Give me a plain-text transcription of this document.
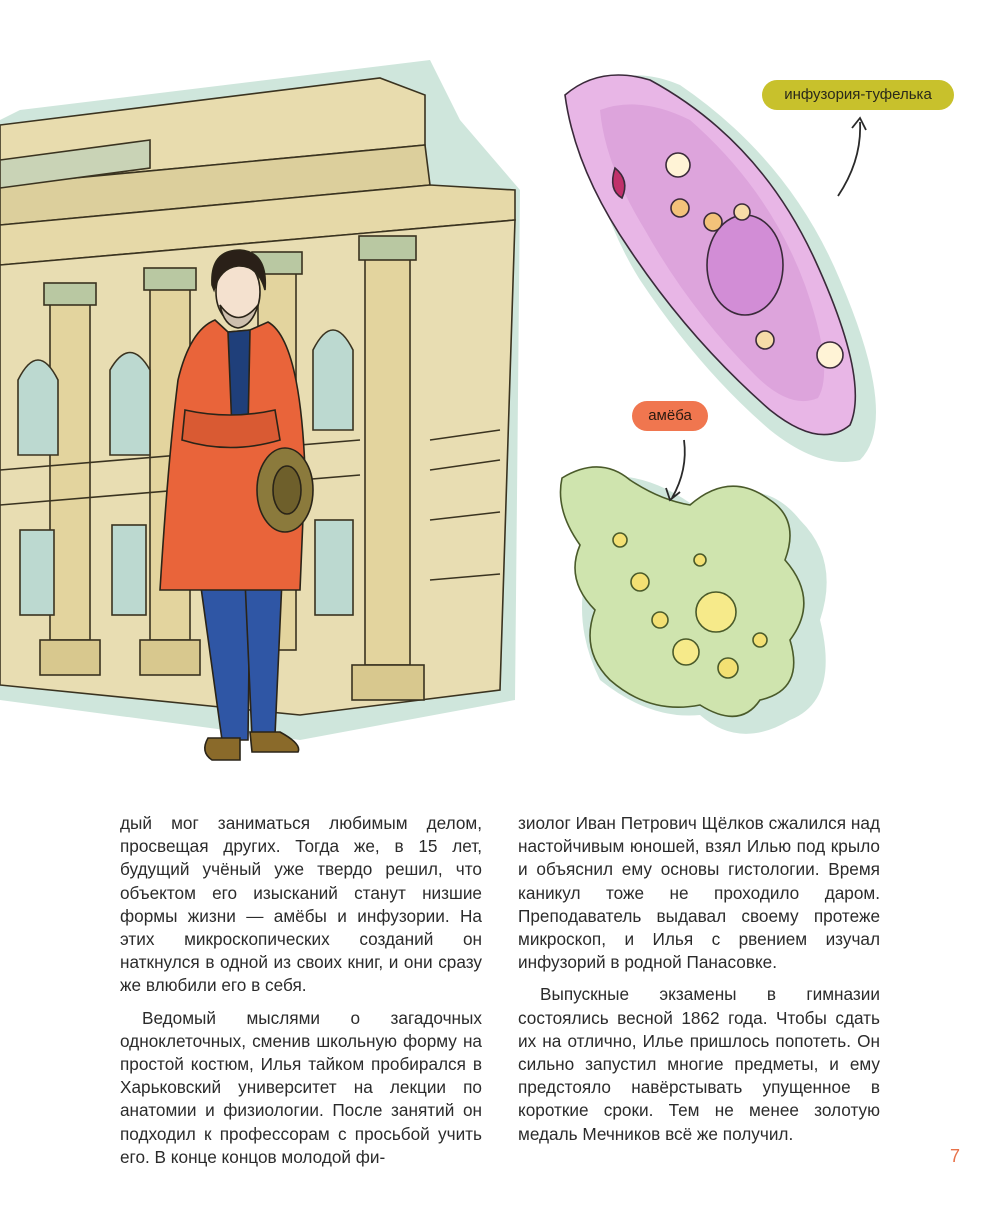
инфузория-туфелька
амёба

дый мог заниматься любимым делом, просвещая других. Тогда же, в 15 лет, будущий учёный уже твердо решил, что объектом его изысканий станут низшие формы жизни — амёбы и инфузории. На этих микроскопических созданий он наткнулся в одной из своих книг, и они сразу же влюбили его в себя.

Ведомый мыслями о загадочных одноклеточных, сменив школьную форму на простой костюм, Илья тайком пробирался в Харьковский университет на лекции по анатомии и физиологии. После занятий он подходил к профессорам с просьбой учить его. В конце концов молодой фи-

зиолог Иван Петрович Щёлков сжалился над настойчивым юношей, взял Илью под крыло и объяснил ему основы гистологии. Время каникул тоже не проходило даром. Преподаватель выдавал своему протеже микроскоп, и Илья с рвением изучал инфузорий в родной Панасовке.

Выпускные экзамены в гимназии состоялись весной 1862 года. Чтобы сдать их на отлично, Илье пришлось попотеть. Он сильно запустил многие предметы, и ему предстояло навёрстывать упущенное в короткие сроки. Тем не менее золотую медаль Мечников всё же получил.

7
